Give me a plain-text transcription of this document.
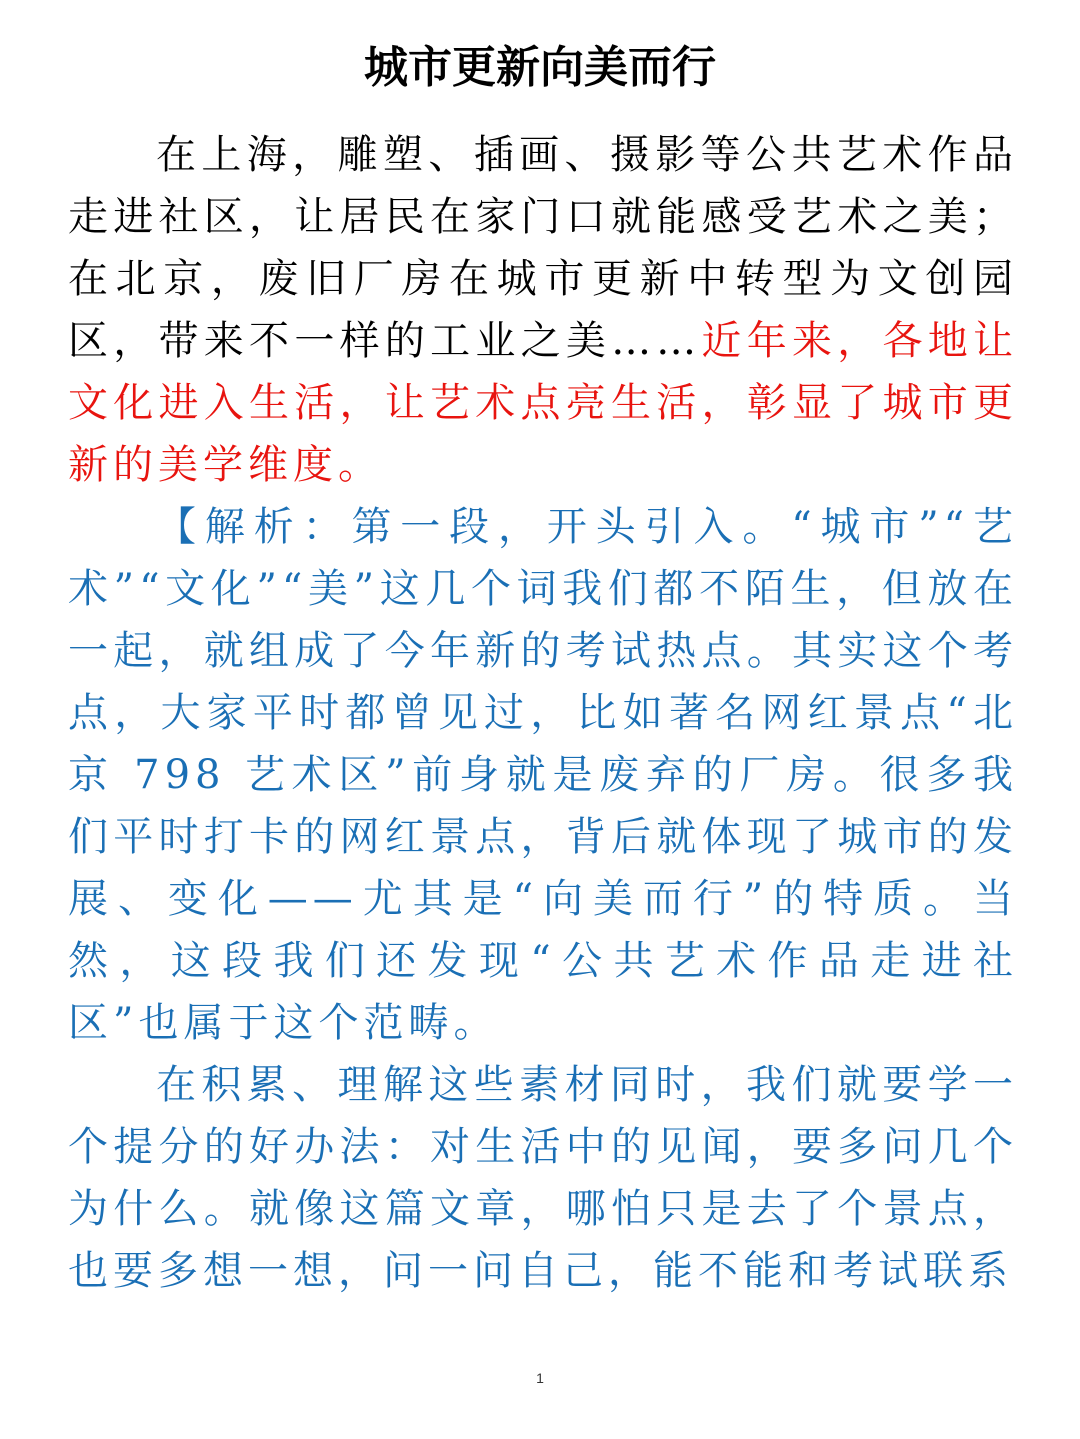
城市更新向美而行

在上海，雕塑、插画、摄影等公共艺术作品走进社区，让居民在家门口就能感受艺术之美；在北京，废旧厂房在城市更新中转型为文创园区，带来不一样的工业之美……近年来，各地让文化进入生活，让艺术点亮生活，彰显了城市更新的美学维度。

【解析：第一段，开头引入。“城市”“艺术”“文化”“美”这几个词我们都不陌生，但放在一起，就组成了今年新的考试热点。其实这个考点，大家平时都曾见过，比如著名网红景点“北京 798 艺术区”前身就是废弃的厂房。很多我们平时打卡的网红景点，背后就体现了城市的发展、变化——尤其是“向美而行”的特质。当然，这段我们还发现“公共艺术作品走进社区”也属于这个范畴。

在积累、理解这些素材同时，我们就要学一个提分的好办法：对生活中的见闻，要多问几个为什么。就像这篇文章，哪怕只是去了个景点，也要多想一想，问一问自己，能不能和考试联系

1
